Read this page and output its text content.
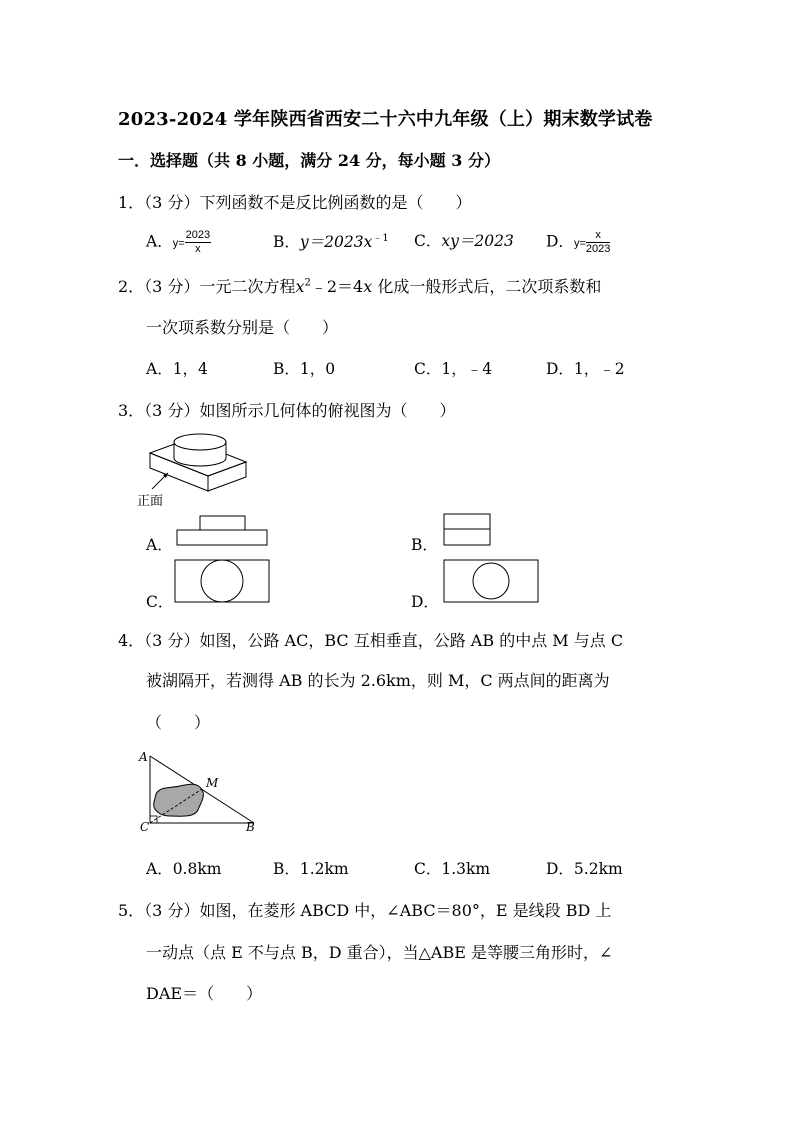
2023-2024 学年陕西省西安二十六中九年级（上）期末数学试卷
一．选择题（共 8 小题，满分 24 分，每小题 3 分）
1．（3 分）下列函数不是反比例函数的是（　　）
A．$y= \frac{2023}{x}$	B．$y=2023x^{﹣1}$ C．xy＝2023 D．$y= \frac{x}{2023}$
2．（3 分）一元二次方程$x^2﹣2=4x$ 化成一般形式后，二次项系数和
一次项系数分别是（　　）
A．1，4	B．1，0	C．1，﹣4	D．1，﹣2
3．（3 分）如图所示几何体的俯视图为（　　）
正面
A．	B．
C．	D．
4．（3 分）如图，公路 AC，BC 互相垂直，公路 AB 的中点 M 与点 C
被湖隔开，若测得 AB 的长为 2.6km，则 M，C 两点间的距离为
（　　）
A
M
C	B
A．0.8km	B．1.2km	C．1.3km	D．5.2km
5．（3 分）如图，在菱形 ABCD 中，∠ABC＝80°，E 是线段 BD 上
一动点（点 E 不与点 B，D 重合），当△ABE 是等腰三角形时，∠
DAE＝（　　）
